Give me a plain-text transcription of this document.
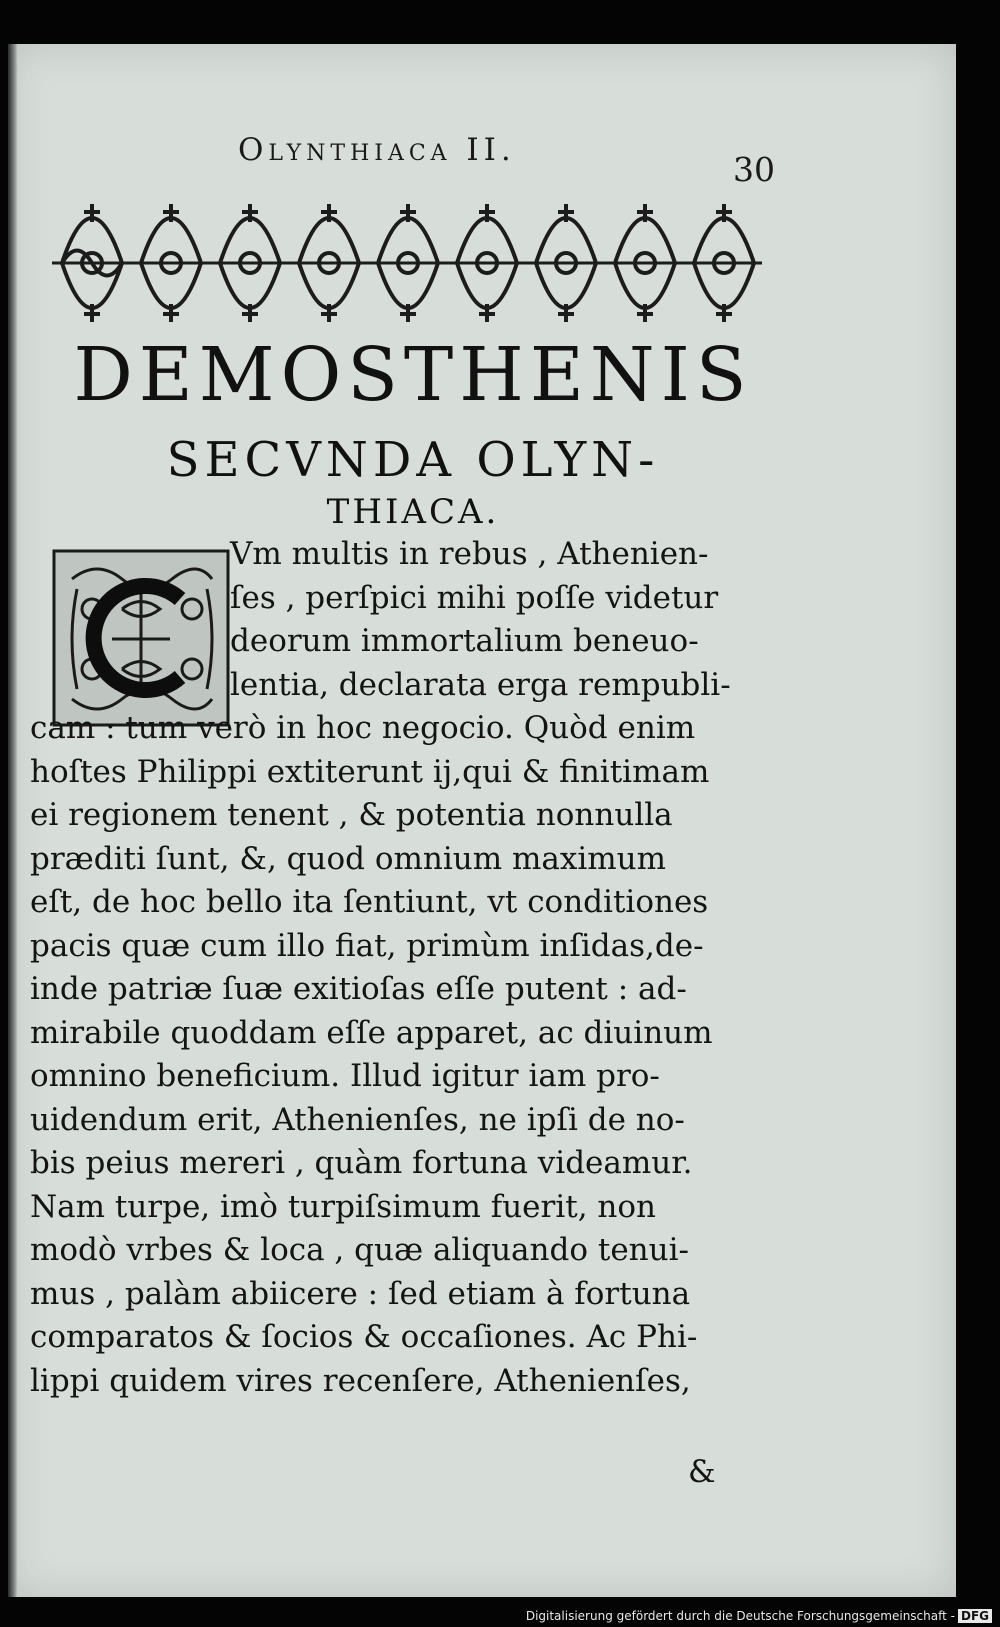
Olynthiaca II.	30
DEMOSTHENIS
SECVNDA OLYN-
THIACA.
Vm multis in rebus , Athenien-
ſes , perſpici mihi poſſe videtur
deorum immortalium beneuo-
lentia, declarata erga rempubli-
cam : tum verò in hoc negocio. Quòd enim
hoſtes Philippi extiterunt ij,qui & finitimam
ei regionem tenent , & potentia nonnulla
præditi ſunt, &, quod omnium maximum
eſt, de hoc bello ita ſentiunt, vt conditiones
pacis quæ cum illo fiat, primùm inſidas,de-
inde patriæ ſuæ exitioſas eſſe putent : ad-
mirabile quoddam eſſe apparet, ac diuinum
omnino beneficium. Illud igitur iam pro-
uidendum erit, Athenienſes, ne ipſi de no-
bis peius mereri , quàm fortuna videamur.
Nam turpe, imò turpiſsimum fuerit, non
modò vrbes & loca , quæ aliquando tenui-
mus , palàm abiicere : ſed etiam à fortuna
comparatos & ſocios & occaſiones. Ac Phi-
lippi quidem vires recenſere, Athenienſes,
&
Digitalisierung gefördert durch die Deutsche Forschungsgemeinschaft - DFG
